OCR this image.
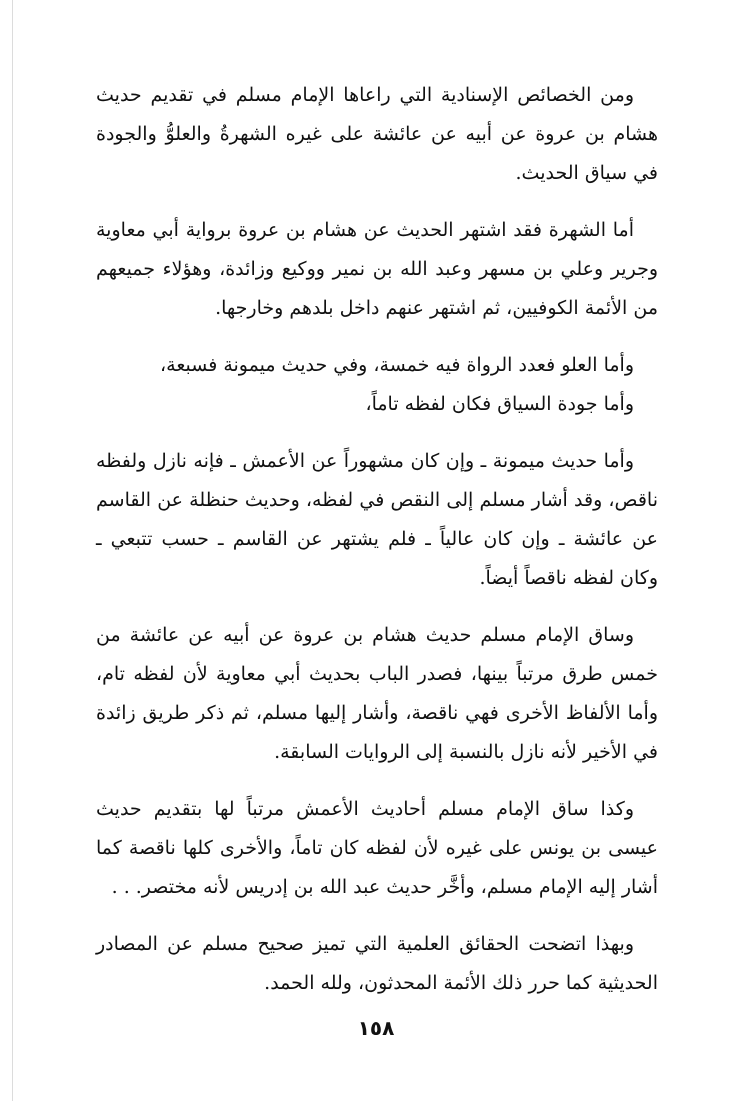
ومن الخصائص الإسنادية التي راعاها الإمام مسلم في تقديم حديث هشام بن عروة عن أبيه عن عائشة على غيره الشهرةُ والعلوُّ والجودة في سياق الحديث.

أما الشهرة فقد اشتهر الحديث عن هشام بن عروة برواية أبي معاوية وجرير وعلي بن مسهر وعبد الله بن نمير ووكيع وزائدة، وهؤلاء جميعهم من الأئمة الكوفيين، ثم اشتهر عنهم داخل بلدهم وخارجها.

وأما العلو فعدد الرواة فيه خمسة، وفي حديث ميمونة فسبعة،

وأما جودة السياق فكان لفظه تاماً،

وأما حديث ميمونة ـ وإن كان مشهوراً عن الأعمش ـ فإنه نازل ولفظه ناقص، وقد أشار مسلم إلى النقص في لفظه، وحديث حنظلة عن القاسم عن عائشة ـ وإن كان عالياً ـ فلم يشتهر عن القاسم ـ حسب تتبعي ـ وكان لفظه ناقصاً أيضاً.

وساق الإمام مسلم حديث هشام بن عروة عن أبيه عن عائشة من خمس طرق مرتباً بينها، فصدر الباب بحديث أبي معاوية لأن لفظه تام، وأما الألفاظ الأخرى فهي ناقصة، وأشار إليها مسلم، ثم ذكر طريق زائدة في الأخير لأنه نازل بالنسبة إلى الروايات السابقة.

وكذا ساق الإمام مسلم أحاديث الأعمش مرتباً لها بتقديم حديث عيسى بن يونس على غيره لأن لفظه كان تاماً، والأخرى كلها ناقصة كما أشار إليه الإمام مسلم، وأخَّر حديث عبد الله بن إدريس لأنه مختصر. . .

وبهذا اتضحت الحقائق العلمية التي تميز صحيح مسلم عن المصادر الحديثية كما حرر ذلك الأئمة المحدثون، ولله الحمد.

١٥٨
